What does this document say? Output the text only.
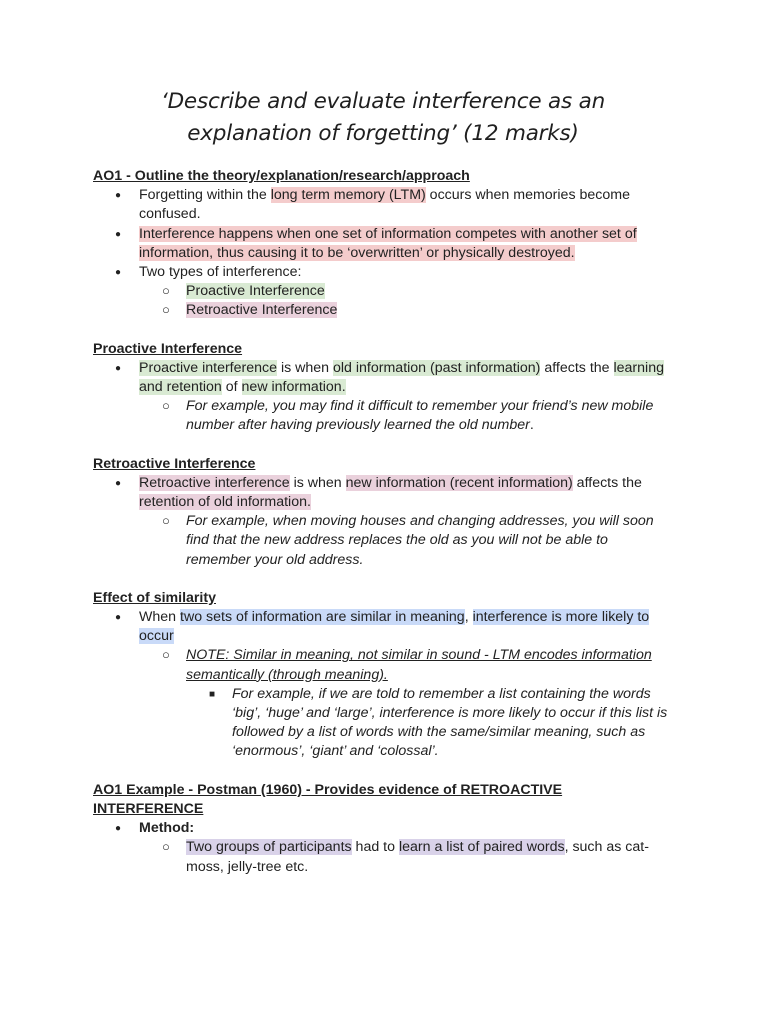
‘Describe and evaluate interference as an
explanation of forgetting’ (12 marks)

AO1 - Outline the theory/explanation/research/approach

● Forgetting within the long term memory (LTM) occurs when memories become confused.
● Interference happens when one set of information competes with another set of information, thus causing it to be ‘overwritten’ or physically destroyed.
● Two types of interference:
○ Proactive Interference
○ Retroactive Interference

Proactive Interference

● Proactive interference is when old information (past information) affects the learning and retention of new information.
○ For example, you may find it difficult to remember your friend’s new mobile number after having previously learned the old number.

Retroactive Interference

● Retroactive interference is when new information (recent information) affects the retention of old information.
○ For example, when moving houses and changing addresses, you will soon find that the new address replaces the old as you will not be able to remember your old address.

Effect of similarity

● When two sets of information are similar in meaning, interference is more likely to occur
○ NOTE: Similar in meaning, not similar in sound - LTM encodes information semantically (through meaning).
■ For example, if we are told to remember a list containing the words ‘big’, ‘huge’ and ‘large’, interference is more likely to occur if this list is followed by a list of words with the same/similar meaning, such as ‘enormous’, ‘giant’ and ‘colossal’.

AO1 Example - Postman (1960) - Provides evidence of RETROACTIVE INTERFERENCE

● Method:
○ Two groups of participants had to learn a list of paired words, such as cat-moss, jelly-tree etc.
